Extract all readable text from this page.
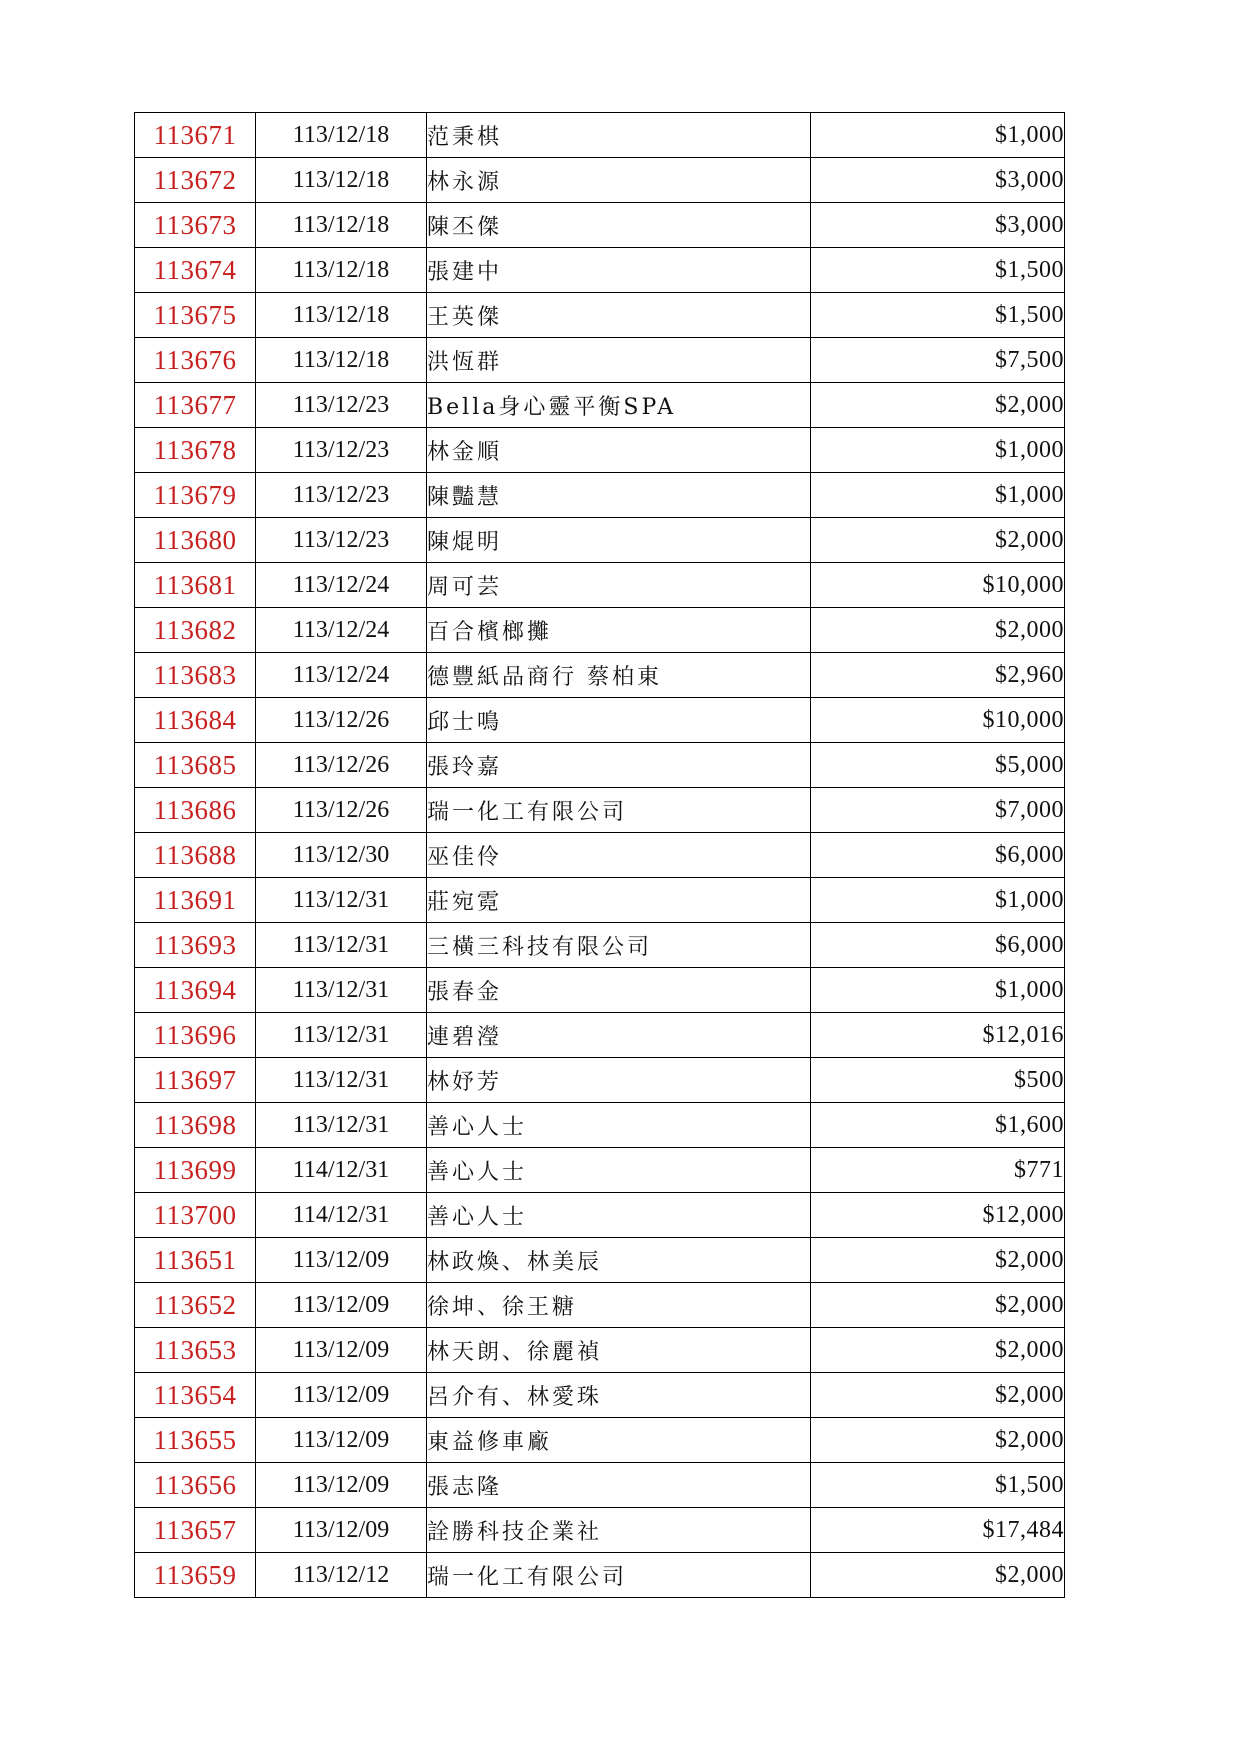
113671	113/12/18	范秉棋	$1,000
113672	113/12/18	林永源	$3,000
113673	113/12/18	陳丕傑	$3,000
113674	113/12/18	張建中	$1,500
113675	113/12/18	王英傑	$1,500
113676	113/12/18	洪恆群	$7,500
113677	113/12/23	Bella身心靈平衡SPA	$2,000
113678	113/12/23	林金順	$1,000
113679	113/12/23	陳豔慧	$1,000
113680	113/12/23	陳焜明	$2,000
113681	113/12/24	周可芸	$10,000
113682	113/12/24	百合檳榔攤	$2,000
113683	113/12/24	德豐紙品商行 蔡柏東	$2,960
113684	113/12/26	邱士鳴	$10,000
113685	113/12/26	張玲嘉	$5,000
113686	113/12/26	瑞一化工有限公司	$7,000
113688	113/12/30	巫佳伶	$6,000
113691	113/12/31	莊宛霓	$1,000
113693	113/12/31	三橫三科技有限公司	$6,000
113694	113/12/31	張春金	$1,000
113696	113/12/31	連碧瀅	$12,016
113697	113/12/31	林妤芳	$500
113698	113/12/31	善心人士	$1,600
113699	114/12/31	善心人士	$771
113700	114/12/31	善心人士	$12,000
113651	113/12/09	林政煥、林美辰	$2,000
113652	113/12/09	徐坤、徐王糖	$2,000
113653	113/12/09	林天朗、徐麗禎	$2,000
113654	113/12/09	呂介有、林愛珠	$2,000
113655	113/12/09	東益修車廠	$2,000
113656	113/12/09	張志隆	$1,500
113657	113/12/09	詮勝科技企業社	$17,484
113659	113/12/12	瑞一化工有限公司	$2,000
